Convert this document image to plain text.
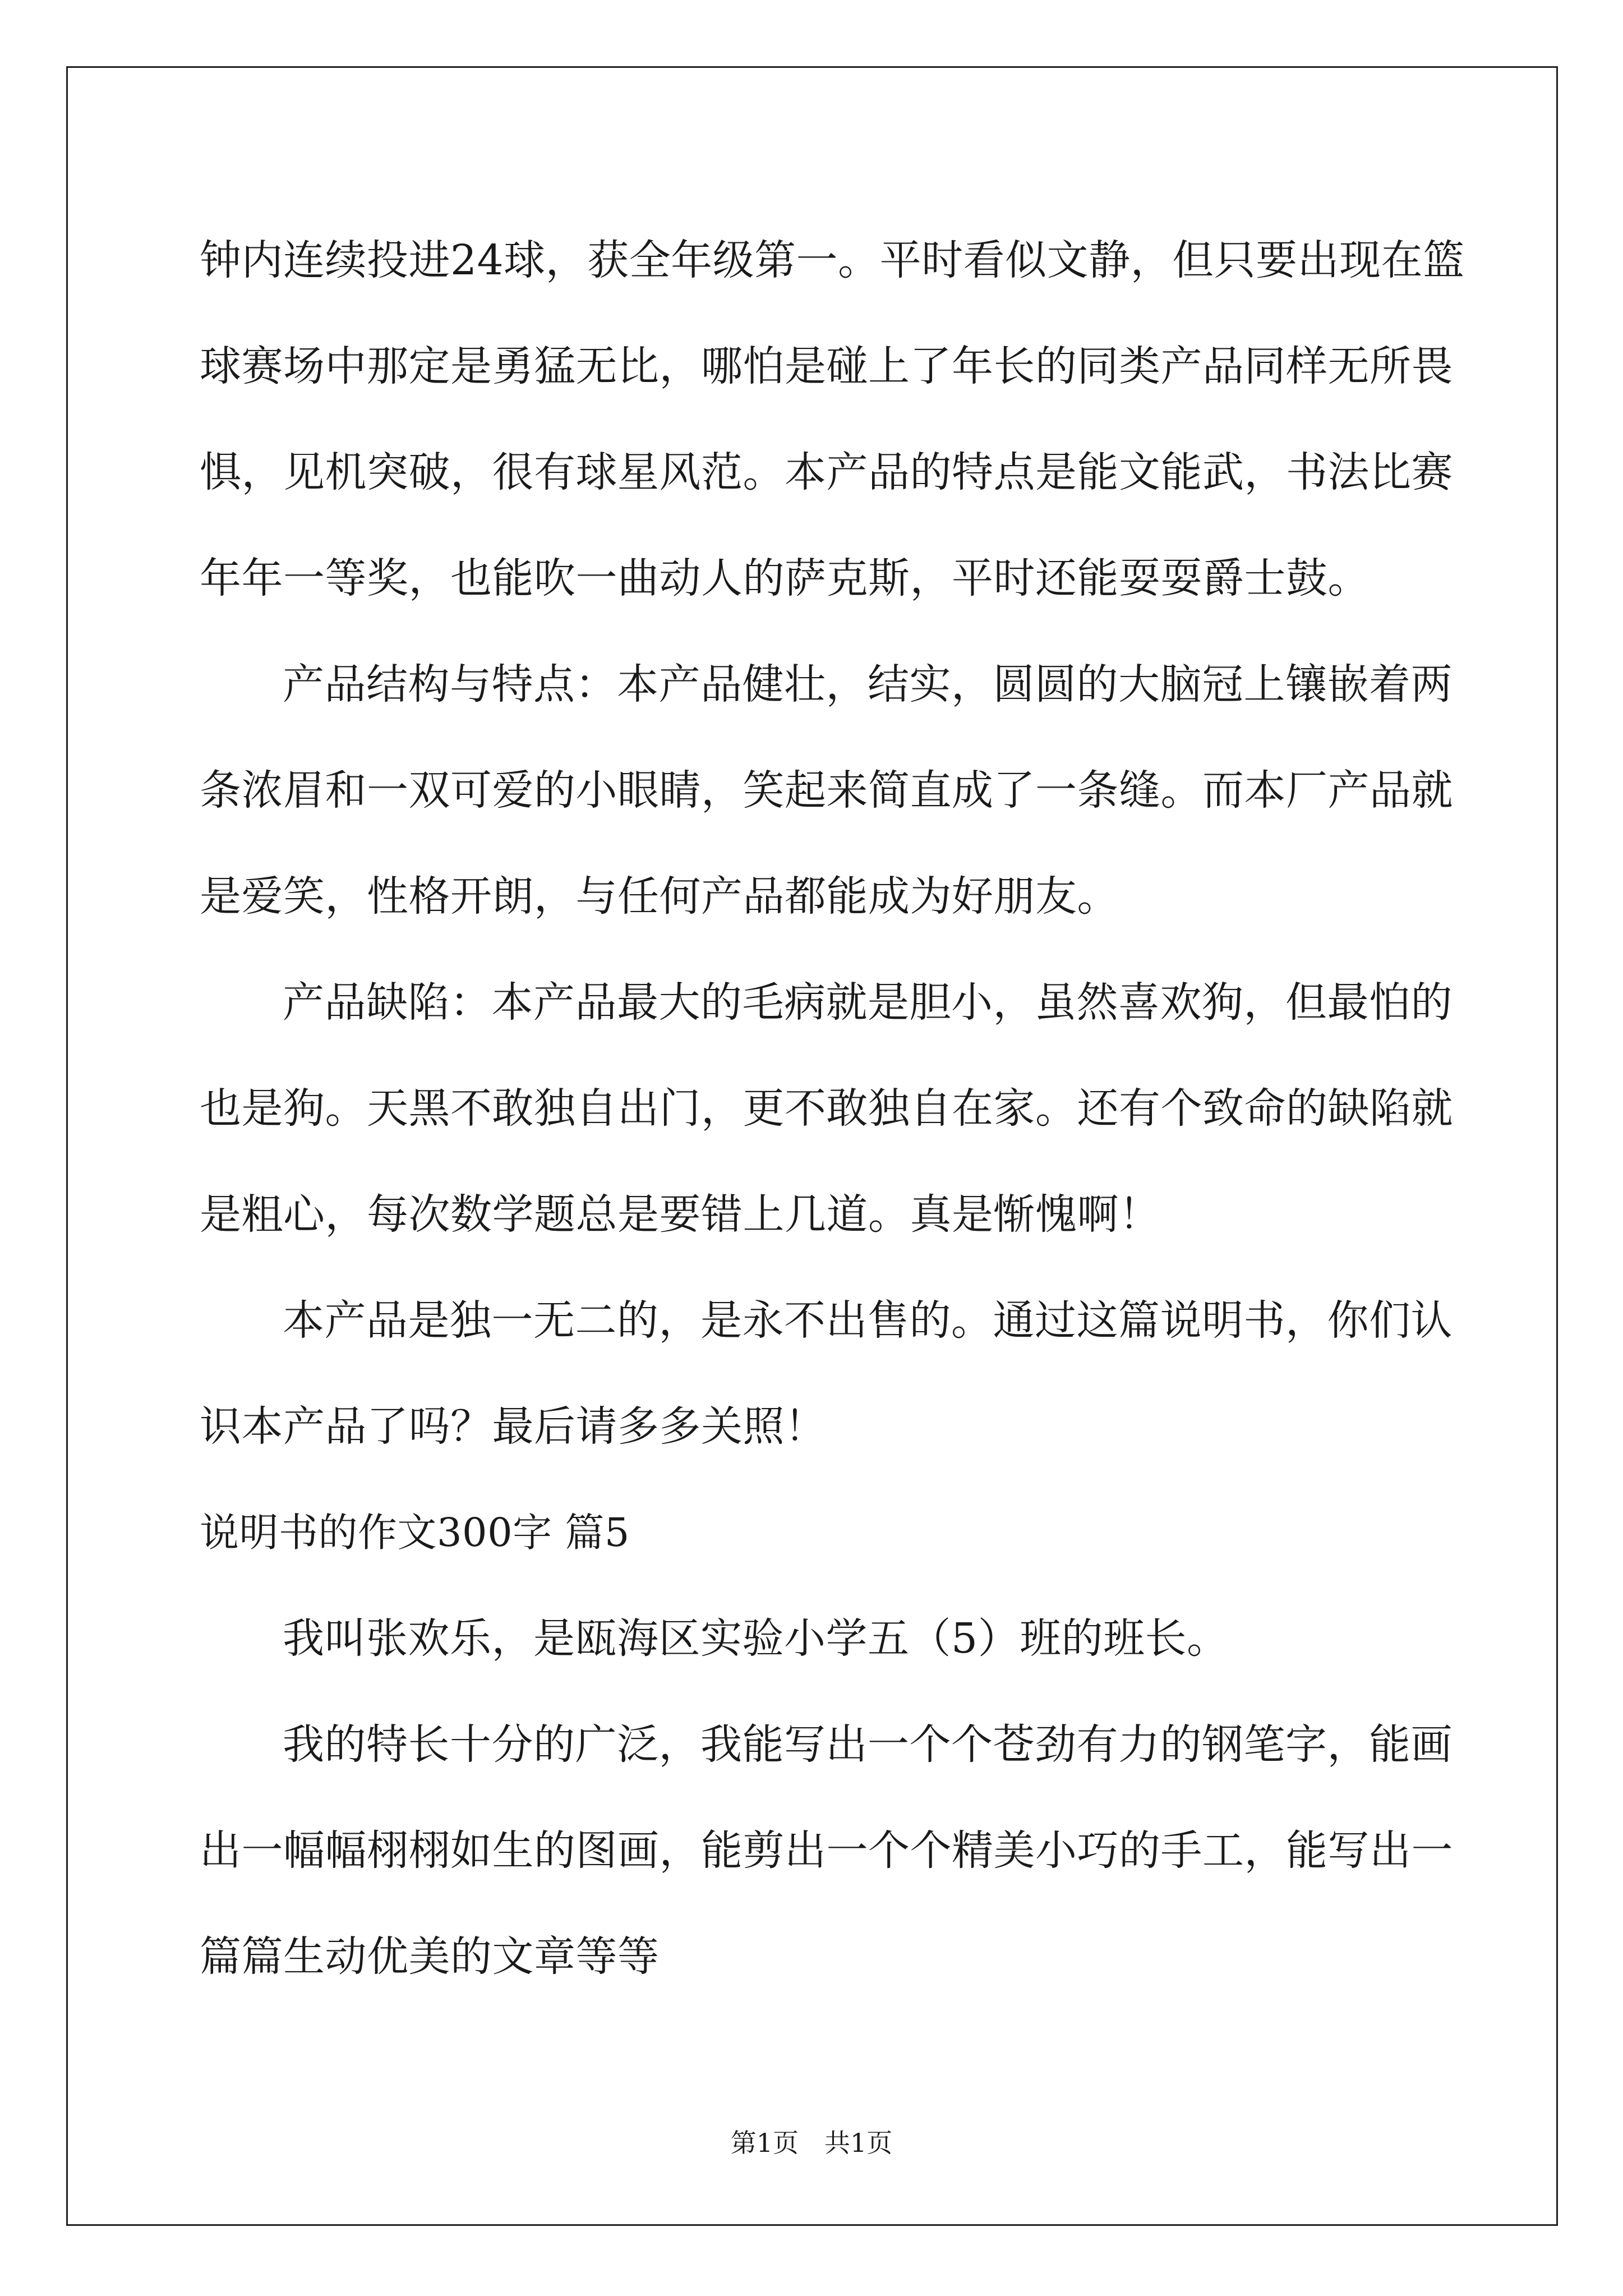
钟内连续投进24球，获全年级第一。平时看似文静，但只要出现在篮
球赛场中那定是勇猛无比，哪怕是碰上了年长的同类产品同样无所畏
惧，见机突破，很有球星风范。本产品的特点是能文能武，书法比赛
年年一等奖，也能吹一曲动人的萨克斯，平时还能耍耍爵士鼓。
产品结构与特点：本产品健壮，结实，圆圆的大脑冠上镶嵌着两
条浓眉和一双可爱的小眼睛，笑起来简直成了一条缝。而本厂产品就
是爱笑，性格开朗，与任何产品都能成为好朋友。
产品缺陷：本产品最大的毛病就是胆小，虽然喜欢狗，但最怕的
也是狗。天黑不敢独自出门，更不敢独自在家。还有个致命的缺陷就
是粗心，每次数学题总是要错上几道。真是惭愧啊！
本产品是独一无二的，是永不出售的。通过这篇说明书，你们认
识本产品了吗？最后请多多关照！
说明书的作文300字 篇5
我叫张欢乐，是瓯海区实验小学五（5）班的班长。
我的特长十分的广泛，我能写出一个个苍劲有力的钢笔字，能画
出一幅幅栩栩如生的图画，能剪出一个个精美小巧的手工，能写出一
篇篇生动优美的文章等等
第1页　共1页
